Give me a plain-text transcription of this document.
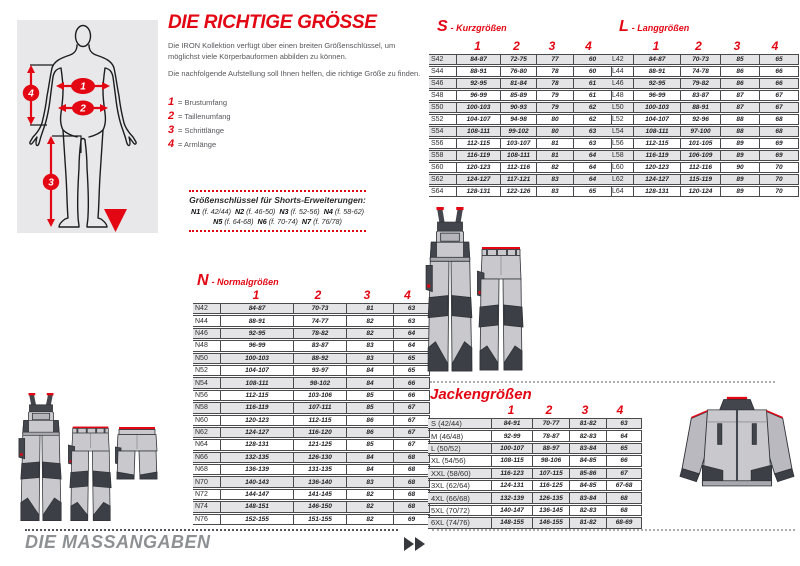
1
2
3
4
DIE RICHTIGE GRÖSSE
Die IRON Kollektion verfügt über einen breiten Größenschlüssel, um möglichst viele Körperbauformen abbilden zu können.
Die nachfolgende Aufstellung soll Ihnen helfen, die richtige Größe zu finden.
1 = Brustumfang
2 = Taillenumfang
3 = Schrittlänge
4 = Armlänge
Größenschlüssel für Shorts-Erweiterungen:
N1 (f. 42/44) N2 (f. 46-50) N3 (f. 52-56) N4 (f. 58-62)
N5 (f. 64-68) N6 (f. 70-74) N7 (f. 76/78)
S - Kurzgrößen
1	2	3	4
S42	84-87	72-75	77	60
S44	88-91	76-80	78	60
S46	92-95	81-84	78	61
S48	96-99	85-89	79	61
S50	100-103	90-93	79	62
S52	104-107	94-98	80	62
S54	108-111	99-102	80	63
S56	112-115	103-107	81	63
S58	116-119	108-111	81	64
S60	120-123	112-116	82	64
S62	124-127	117-121	83	64
S64	128-131	122-126	83	65
L - Langgrößen
1	2	3	4
L42	84-87	70-73	85	65
L44	88-91	74-78	86	66
L46	92-95	79-82	86	66
L48	96-99	83-87	87	67
L50	100-103	88-91	87	67
L52	104-107	92-96	88	68
L54	108-111	97-100	88	68
L56	112-115	101-105	89	69
L58	116-119	106-109	89	69
L60	120-123	112-116	90	70
L62	124-127	115-119	89	70
L64	128-131	120-124	89	70
N - Normalgrößen
1	2	3	4
N42	84-87	70-73	81	63
N44	88-91	74-77	82	63
N46	92-95	78-82	82	64
N48	96-99	83-87	83	64
N50	100-103	88-92	83	65
N52	104-107	93-97	84	65
N54	108-111	98-102	84	66
N56	112-115	103-106	85	66
N58	116-119	107-111	85	67
N60	120-123	112-115	86	67
N62	124-127	116-120	86	67
N64	128-131	121-125	85	67
N66	132-135	126-130	84	68
N68	136-139	131-135	84	68
N70	140-143	136-140	83	68
N72	144-147	141-145	82	68
N74	148-151	146-150	82	68
N76	152-155	151-155	82	69
Jackengrößen
1	2	3	4
S (42/44)	84-91	70-77	81-82	63
M (46/48)	92-99	78-87	82-83	64
L (50/52)	100-107	88-97	83-84	65
XL (54/56)	108-115	98-106	84-85	66
XXL (58/60)	116-123	107-115	85-86	67
3XL (62/64)	124-131	116-125	84-85	67-68
4XL (66/68)	132-139	126-135	83-84	68
5XL (70/72)	140-147	136-145	82-83	68
6XL (74/76)	148-155	146-155	81-82	68-69
DIE MASSANGABEN
